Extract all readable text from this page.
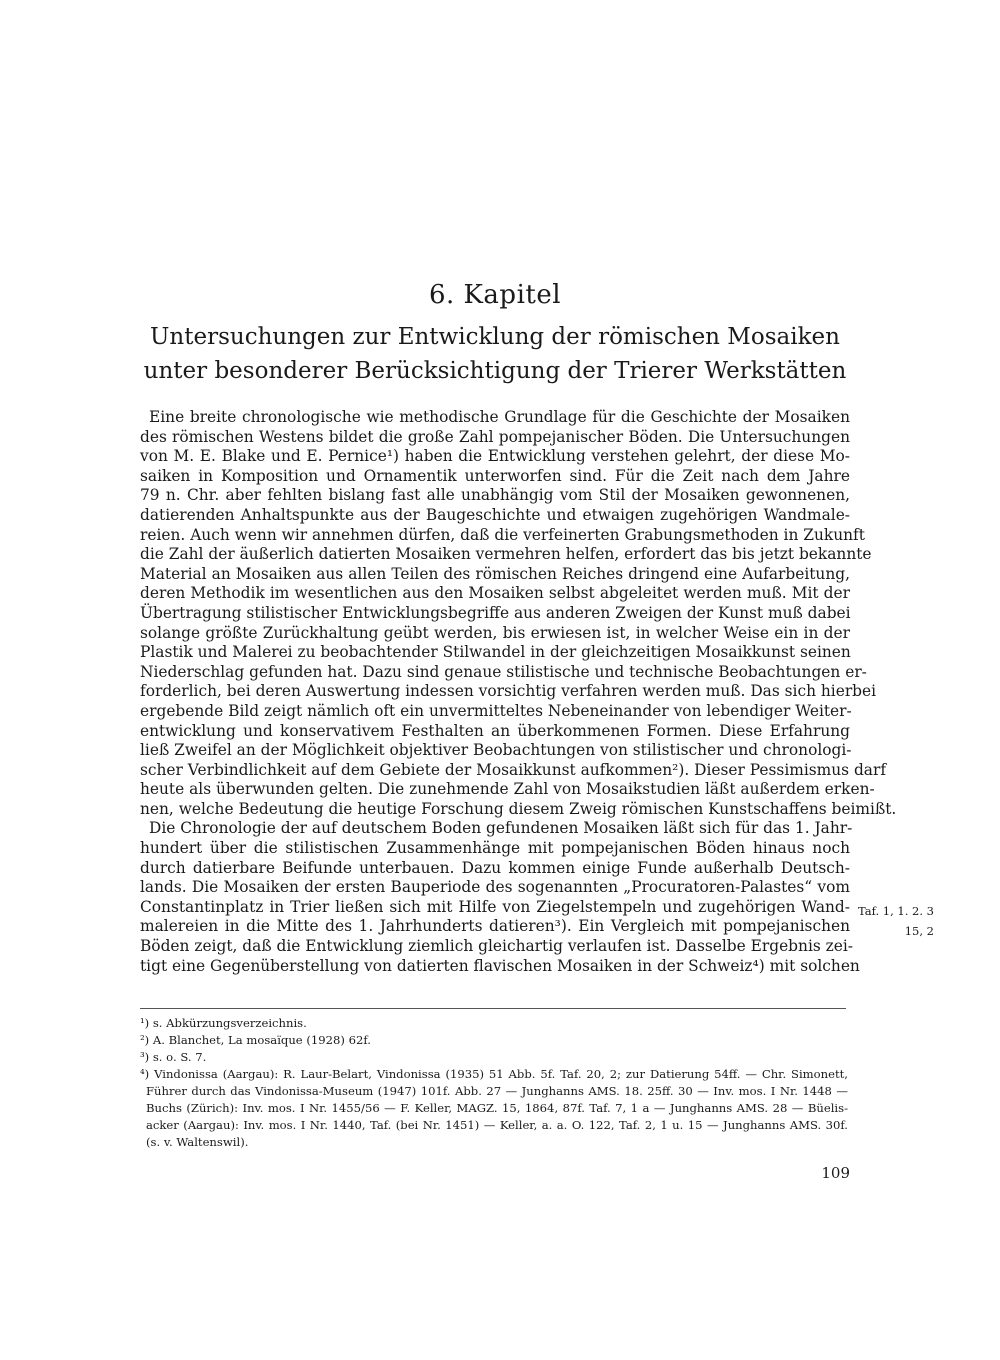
6. Kapitel
Untersuchungen zur Entwicklung der römischen Mosaiken
unter besonderer Berücksichtigung der Trierer Werkstätten
Eine breite chronologische wie methodische Grundlage für die Geschichte der Mosaiken
des römischen Westens bildet die große Zahl pompejanischer Böden. Die Untersuchungen
von M. E. Blake und E. Pernice¹) haben die Entwicklung verstehen gelehrt, der diese Mo-
saiken in Komposition und Ornamentik unterworfen sind. Für die Zeit nach dem Jahre
79 n. Chr. aber fehlten bislang fast alle unabhängig vom Stil der Mosaiken gewonnenen,
datierenden Anhaltspunkte aus der Baugeschichte und etwaigen zugehörigen Wandmale-
reien. Auch wenn wir annehmen dürfen, daß die verfeinerten Grabungsmethoden in Zukunft
die Zahl der äußerlich datierten Mosaiken vermehren helfen, erfordert das bis jetzt bekannte
Material an Mosaiken aus allen Teilen des römischen Reiches dringend eine Aufarbeitung,
deren Methodik im wesentlichen aus den Mosaiken selbst abgeleitet werden muß. Mit der
Übertragung stilistischer Entwicklungsbegriffe aus anderen Zweigen der Kunst muß dabei
solange größte Zurückhaltung geübt werden, bis erwiesen ist, in welcher Weise ein in der
Plastik und Malerei zu beobachtender Stilwandel in der gleichzeitigen Mosaikkunst seinen
Niederschlag gefunden hat. Dazu sind genaue stilistische und technische Beobachtungen er-
forderlich, bei deren Auswertung indessen vorsichtig verfahren werden muß. Das sich hierbei
ergebende Bild zeigt nämlich oft ein unvermitteltes Nebeneinander von lebendiger Weiter-
entwicklung und konservativem Festhalten an überkommenen Formen. Diese Erfahrung
ließ Zweifel an der Möglichkeit objektiver Beobachtungen von stilistischer und chronologi-
scher Verbindlichkeit auf dem Gebiete der Mosaikkunst aufkommen²). Dieser Pessimismus darf
heute als überwunden gelten. Die zunehmende Zahl von Mosaikstudien läßt außerdem erken-
nen, welche Bedeutung die heutige Forschung diesem Zweig römischen Kunstschaffens beimißt.
Die Chronologie der auf deutschem Boden gefundenen Mosaiken läßt sich für das 1. Jahr-
hundert über die stilistischen Zusammenhänge mit pompejanischen Böden hinaus noch
durch datierbare Beifunde unterbauen. Dazu kommen einige Funde außerhalb Deutsch-
lands. Die Mosaiken der ersten Bauperiode des sogenannten „Procuratoren-Palastes“ vom
Constantinplatz in Trier ließen sich mit Hilfe von Ziegelstempeln und zugehörigen Wand-
malereien in die Mitte des 1. Jahrhunderts datieren³). Ein Vergleich mit pompejanischen
Böden zeigt, daß die Entwicklung ziemlich gleichartig verlaufen ist. Dasselbe Ergebnis zei-
tigt eine Gegenüberstellung von datierten flavischen Mosaiken in der Schweiz⁴) mit solchen
Taf. 1, 1. 2. 3
15, 2
¹) s. Abkürzungsverzeichnis.
²) A. Blanchet, La mosaïque (1928) 62f.
³) s. o. S. 7.
⁴) Vindonissa (Aargau): R. Laur-Belart, Vindonissa (1935) 51 Abb. 5f. Taf. 20, 2; zur Datierung 54ff. — Chr. Simonett,
Führer durch das Vindonissa-Museum (1947) 101f. Abb. 27 — Junghanns AMS. 18. 25ff. 30 — Inv. mos. I Nr. 1448 —
Buchs (Zürich): Inv. mos. I Nr. 1455/56 — F. Keller, MAGZ. 15, 1864, 87f. Taf. 7, 1 a — Junghanns AMS. 28 — Büelis-
acker (Aargau): Inv. mos. I Nr. 1440, Taf. (bei Nr. 1451) — Keller, a. a. O. 122, Taf. 2, 1 u. 15 — Junghanns AMS. 30f.
(s. v. Waltenswil).
109
